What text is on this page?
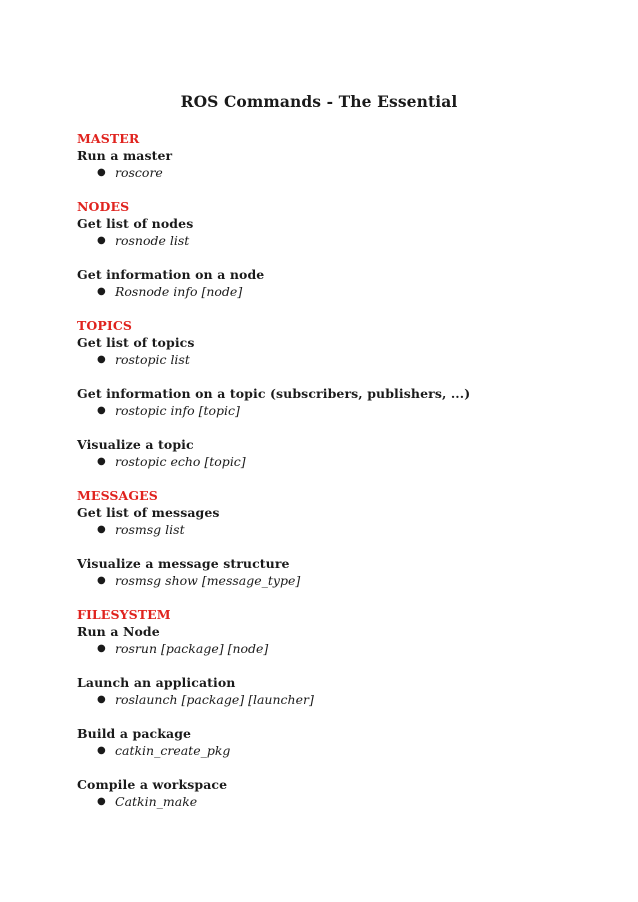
ROS Commands - The Essential
MASTER
Run a master
● roscore
NODES
Get list of nodes
● rosnode list
Get information on a node
● Rosnode info [node]
TOPICS
Get list of topics
● rostopic list
Get information on a topic (subscribers, publishers, ...)
● rostopic info [topic]
Visualize a topic
● rostopic echo [topic]
MESSAGES
Get list of messages
● rosmsg list
Visualize a message structure
● rosmsg show [message_type]
FILESYSTEM
Run a Node
● rosrun [package] [node]
Launch an application
● roslaunch [package] [launcher]
Build a package
● catkin_create_pkg
Compile a workspace
● Catkin_make
